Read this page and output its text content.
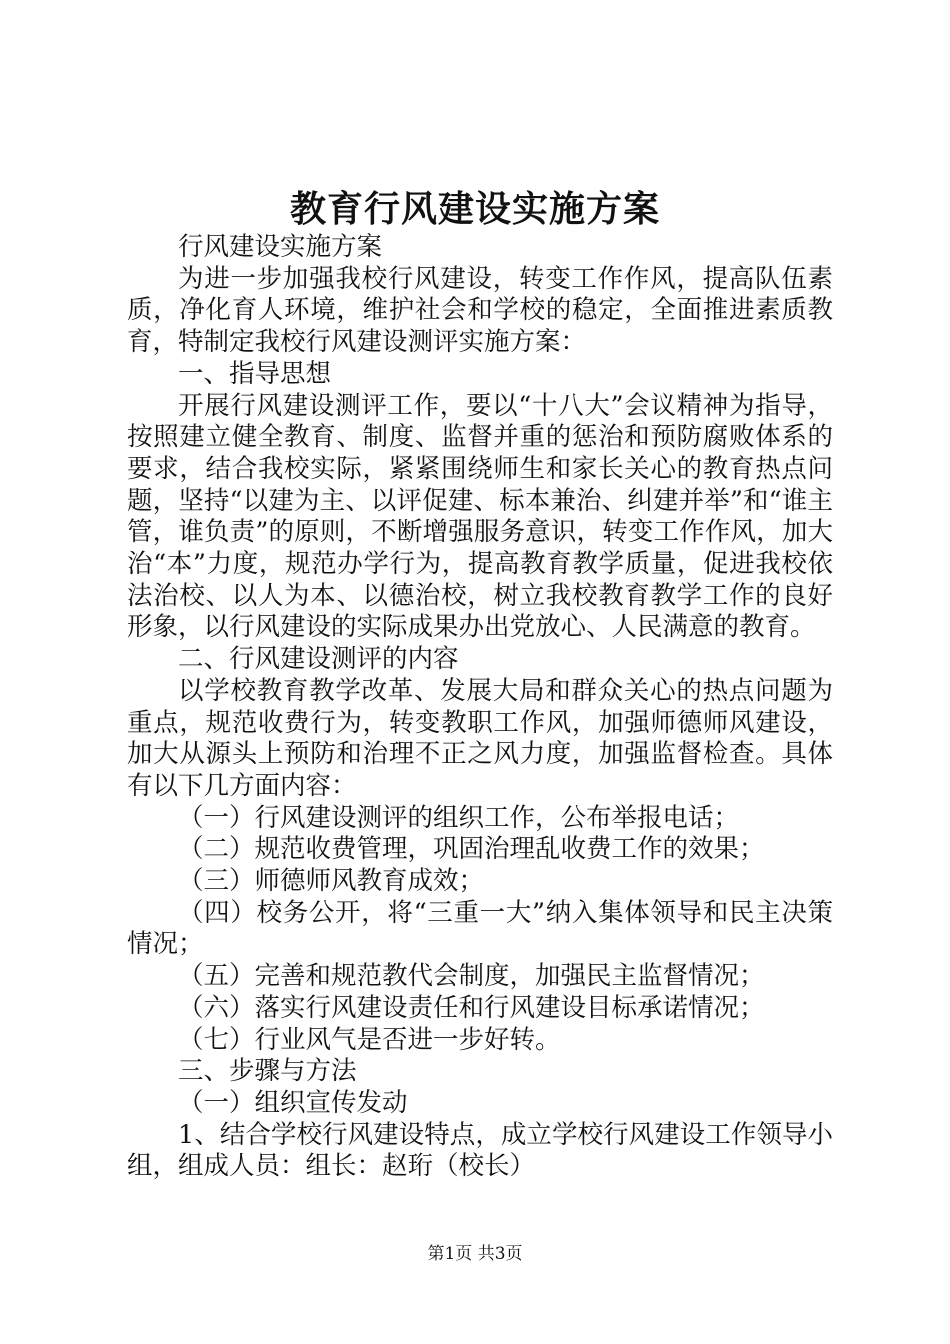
教育行风建设实施方案

行风建设实施方案

为进一步加强我校行风建设，转变工作作风，提高队伍素质，净化育人环境，维护社会和学校的稳定，全面推进素质教育，特制定我校行风建设测评实施方案：

一、指导思想

开展行风建设测评工作，要以“十八大”会议精神为指导，按照建立健全教育、制度、监督并重的惩治和预防腐败体系的要求，结合我校实际，紧紧围绕师生和家长关心的教育热点问题，坚持“以建为主、以评促建、标本兼治、纠建并举”和“谁主管，谁负责”的原则，不断增强服务意识，转变工作作风，加大治“本”力度，规范办学行为，提高教育教学质量，促进我校依法治校、以人为本、以德治校，树立我校教育教学工作的良好形象，以行风建设的实际成果办出党放心、人民满意的教育。

二、行风建设测评的内容

以学校教育教学改革、发展大局和群众关心的热点问题为重点，规范收费行为，转变教职工作风，加强师德师风建设，加大从源头上预防和治理不正之风力度，加强监督检查。具体有以下几方面内容：

（一）行风建设测评的组织工作，公布举报电话；

（二）规范收费管理，巩固治理乱收费工作的效果；

（三）师德师风教育成效；

（四）校务公开，将“三重一大”纳入集体领导和民主决策情况；

（五）完善和规范教代会制度，加强民主监督情况；

（六）落实行风建设责任和行风建设目标承诺情况；

（七）行业风气是否进一步好转。

三、步骤与方法

（一）组织宣传发动

1、结合学校行风建设特点，成立学校行风建设工作领导小组，组成人员：组长：赵珩（校长）

第1页 共3页
